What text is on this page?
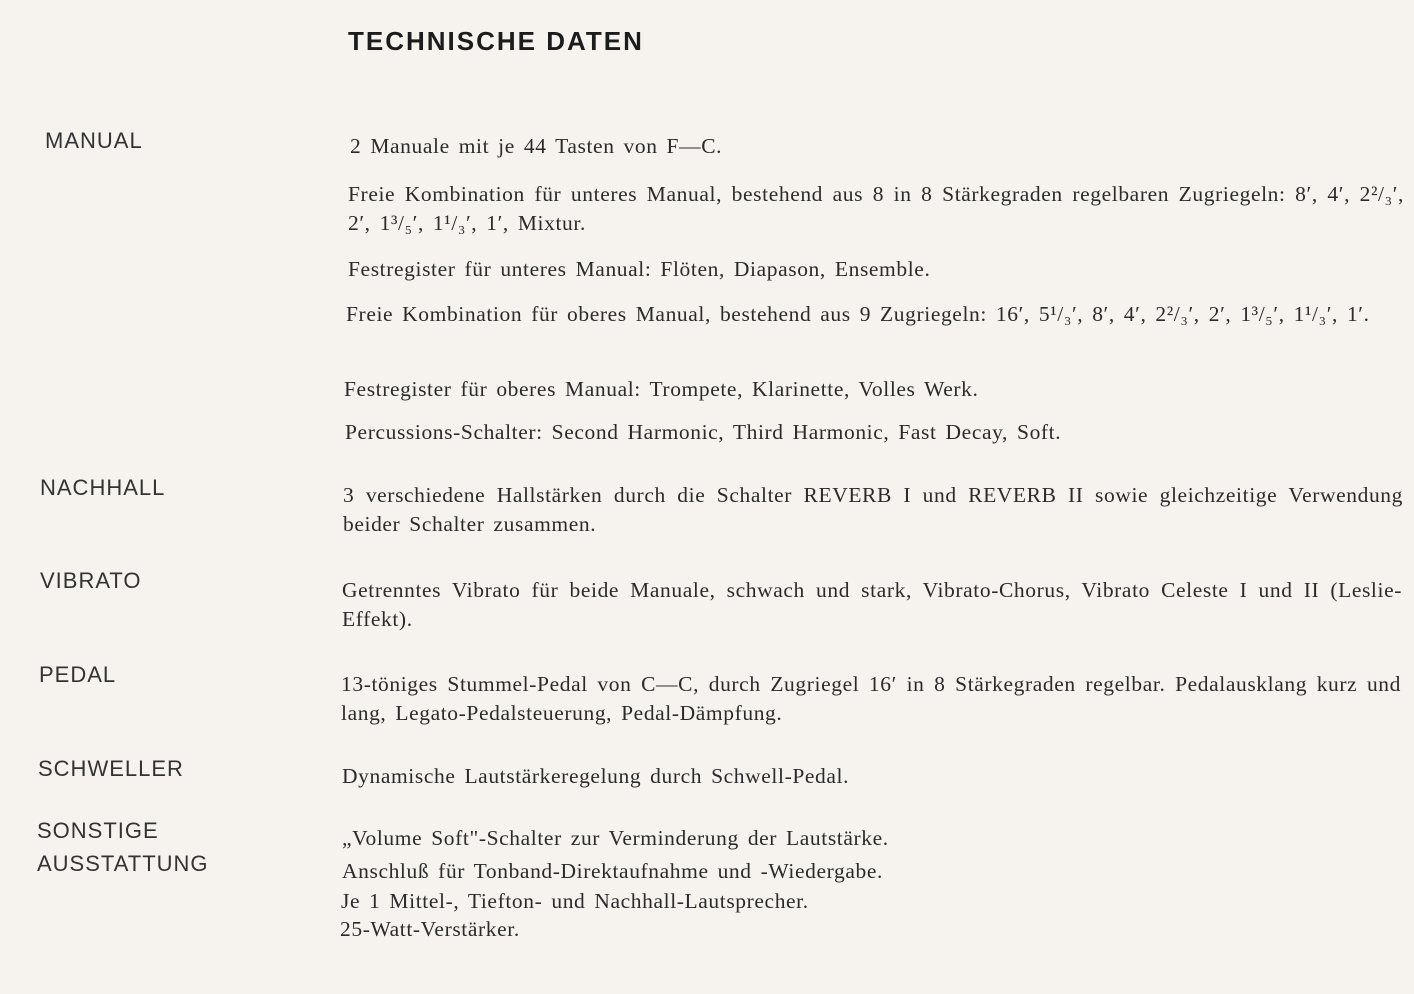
TECHNISCHE DATEN
MANUAL	2 Manuale mit je 44 Tasten von F—C.
Freie Kombination für unteres Manual, bestehend aus 8 in 8 Stärkegraden regelbaren Zugriegeln: 8′, 4′, 2²/₃′, 2′, 1³/₅′, 1¹/₃′, 1′, Mixtur.
Festregister für unteres Manual: Flöten, Diapason, Ensemble.
Freie Kombination für oberes Manual, bestehend aus 9 Zugriegeln: 16′, 5¹/₃′, 8′, 4′, 2²/₃′, 2′, 1³/₅′, 1¹/₃′, 1′.
Festregister für oberes Manual: Trompete, Klarinette, Volles Werk.
Percussions-Schalter: Second Harmonic, Third Harmonic, Fast Decay, Soft.
NACHHALL	3 verschiedene Hallstärken durch die Schalter REVERB I und REVERB II sowie gleichzeitige Verwendung beider Schalter zusammen.
VIBRATO	Getrenntes Vibrato für beide Manuale, schwach und stark, Vibrato-Chorus, Vibrato Celeste I und II (Leslie-Effekt).
PEDAL	13-töniges Stummel-Pedal von C—C, durch Zugriegel 16′ in 8 Stärkegraden regelbar. Pedalausklang kurz und lang, Legato-Pedalsteuerung, Pedal-Dämpfung.
SCHWELLER	Dynamische Lautstärkeregelung durch Schwell-Pedal.
SONSTIGE
AUSSTATTUNG
„Volume Soft"-Schalter zur Verminderung der Lautstärke.
Anschluß für Tonband-Direktaufnahme und -Wiedergabe.
Je 1 Mittel-, Tiefton- und Nachhall-Lautsprecher.
25-Watt-Verstärker.
